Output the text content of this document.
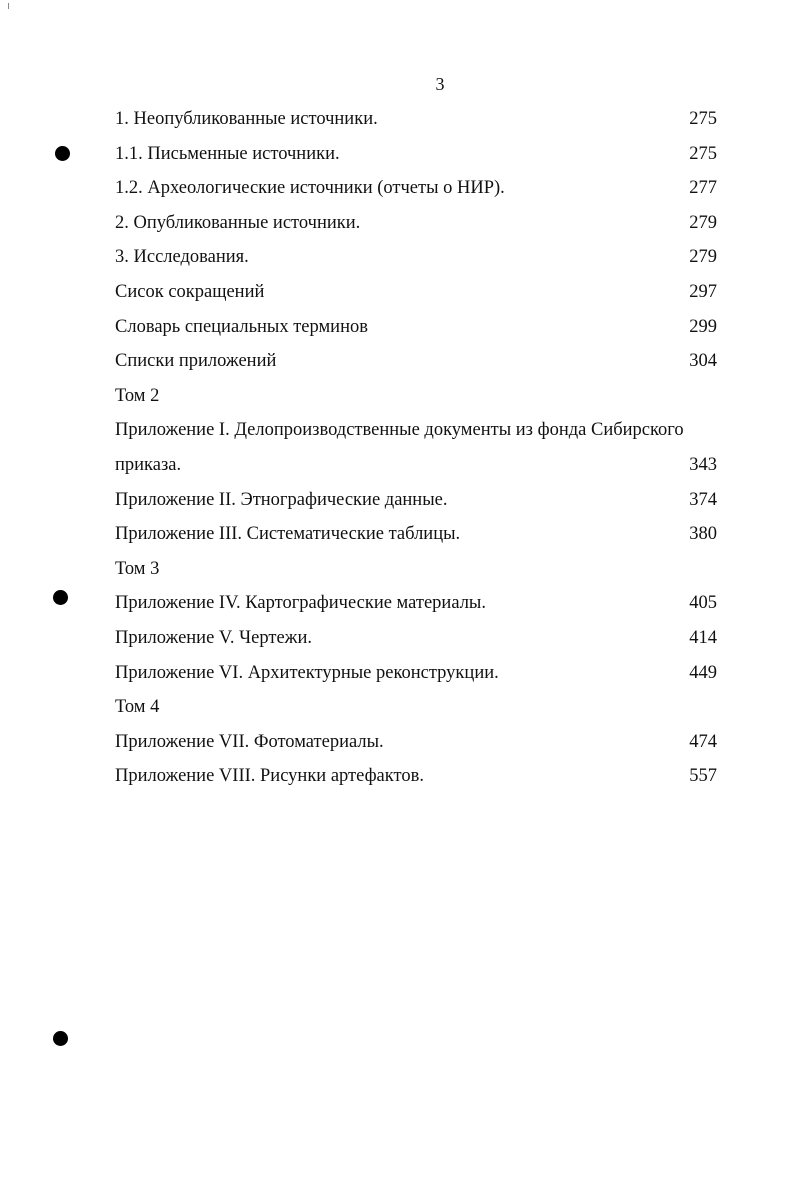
3
1. Неопубликованные источники.	275
1.1. Письменные источники.	275
1.2. Археологические источники (отчеты о НИР).	277
2. Опубликованные источники.	279
3. Исследования.	279
Сисок сокращений	297
Словарь специальных терминов	299
Списки приложений	304
Том 2
Приложение I. Делопроизводственные документы из фонда Сибирского
приказа.	343
Приложение II. Этнографические данные.	374
Приложение III. Систематические таблицы.	380
Том 3
Приложение IV. Картографические материалы.	405
Приложение V. Чертежи.	414
Приложение VI. Архитектурные реконструкции.	449
Том 4
Приложение VII. Фотоматериалы.	474
Приложение VIII. Рисунки артефактов.	557
